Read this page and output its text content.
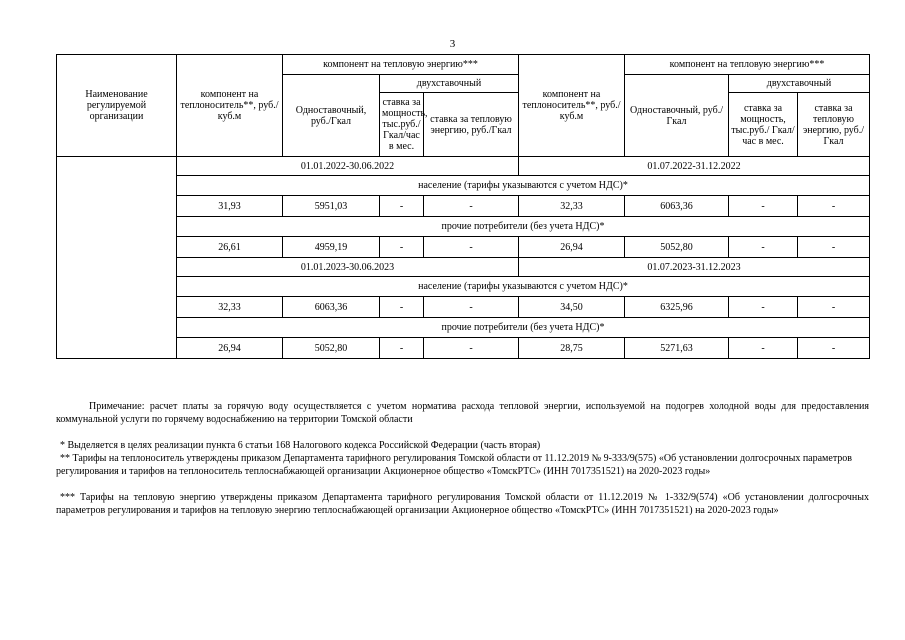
3
Наименование регулируемой организации	компонент на теплоноситель**, руб./куб.м	компонент на тепловую энергию***			компонент на теплоноситель**, руб./куб.м	компонент на тепловую энергию***		
		Одноставочный, руб./Гкал	двухставочный			Одноставочный, руб./Гкал	двухставочный	
			ставка за мощность, тыс.руб./ Гкал/час в мес.	ставка за тепловую энергию, руб./Гкал			ставка за мощность, тыс.руб./ Гкал/час в мес.	ставка за тепловую энергию, руб./Гкал
	01.01.2022-30.06.2022				01.07.2022-31.12.2022			
	население (тарифы указываются с учетом НДС)*							
	31,93	5951,03	-	-	32,33	6063,36	-	-
	прочие потребители (без учета НДС)*							
	26,61	4959,19	-	-	26,94	5052,80	-	-
	01.01.2023-30.06.2023				01.07.2023-31.12.2023			
	население (тарифы указываются с учетом НДС)*							
	32,33	6063,36	-	-	34,50	6325,96	-	-
	прочие потребители (без учета НДС)*							
	26,94	5052,80	-	-	28,75	5271,63	-	-
Примечание: расчет платы за горячую воду осуществляется с учетом норматива расхода тепловой энергии, используемой на подогрев холодной воды для предоставления коммунальной услуги по горячему водоснабжению на территории Томской области
* Выделяется в целях реализации пункта 6 статьи 168 Налогового кодекса Российской Федерации (часть вторая)
** Тарифы на теплоноситель утверждены приказом Департамента тарифного регулирования Томской области от 11.12.2019 № 9-333/9(575) «Об установлении долгосрочных параметров регулирования и тарифов на теплоноситель теплоснабжающей организации Акционерное общество «ТомскРТС» (ИНН 7017351521) на 2020-2023 годы»
*** Тарифы на тепловую энергию утверждены приказом Департамента тарифного регулирования Томской области от 11.12.2019 № 1-332/9(574) «Об установлении долгосрочных параметров регулирования и тарифов на тепловую энергию теплоснабжающей организации Акционерное общество «ТомскРТС» (ИНН 7017351521) на 2020-2023 годы»
